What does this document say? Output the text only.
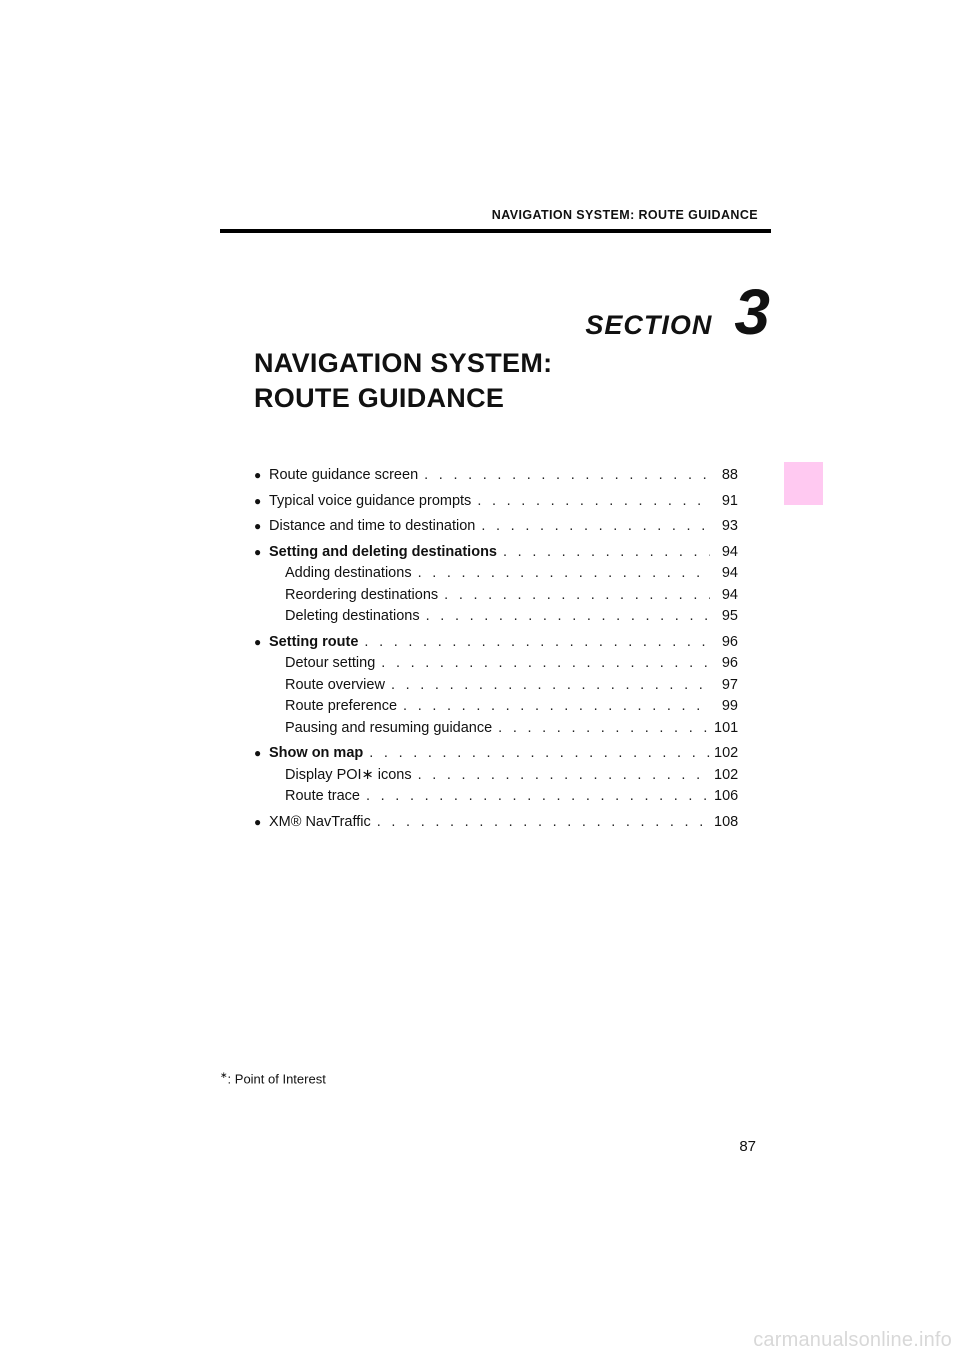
NAVIGATION SYSTEM: ROUTE GUIDANCE
SECTION 3
NAVIGATION SYSTEM:
ROUTE GUIDANCE
● Route guidance screen . . .	88
● Typical voice guidance prompts . . .	91
● Distance and time to destination . . .	93
● Setting and deleting destinations . . .	94
Adding destinations . . .	94
Reordering destinations . . .	94
Deleting destinations . . .	95
● Setting route . . .	96
Detour setting . . .	96
Route overview . . .	97
Route preference . . .	99
Pausing and resuming guidance . . .	101
● Show on map . . .	102
Display POI∗ icons . . .	102
Route trace . . .	106
● XM® NavTraffic . . .	108
∗: Point of Interest
87
carmanualsonline.info
